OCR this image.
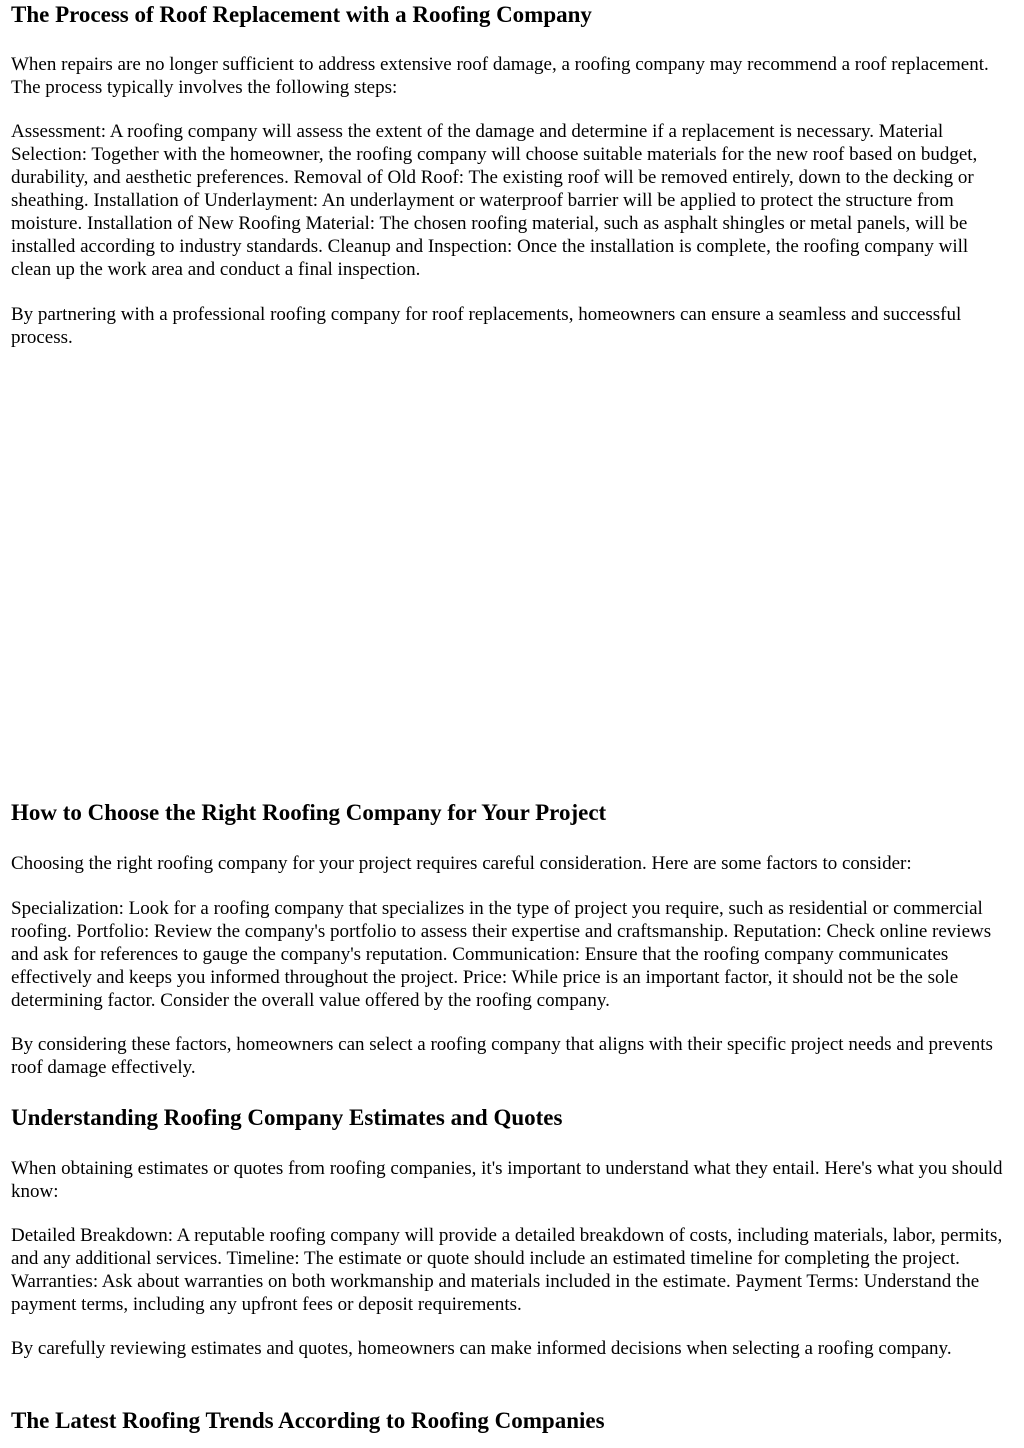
The Process of Roof Replacement with a Roofing Company

When repairs are no longer sufficient to address extensive roof damage, a roofing company may recommend a roof replacement. The process typically involves the following steps:

Assessment: A roofing company will assess the extent of the damage and determine if a replacement is necessary. Material Selection: Together with the homeowner, the roofing company will choose suitable materials for the new roof based on budget, durability, and aesthetic preferences. Removal of Old Roof: The existing roof will be removed entirely, down to the decking or sheathing. Installation of Underlayment: An underlayment or waterproof barrier will be applied to protect the structure from moisture. Installation of New Roofing Material: The chosen roofing material, such as asphalt shingles or metal panels, will be installed according to industry standards. Cleanup and Inspection: Once the installation is complete, the roofing company will clean up the work area and conduct a final inspection.

By partnering with a professional roofing company for roof replacements, homeowners can ensure a seamless and successful process.

How to Choose the Right Roofing Company for Your Project

Choosing the right roofing company for your project requires careful consideration. Here are some factors to consider:

Specialization: Look for a roofing company that specializes in the type of project you require, such as residential or commercial roofing. Portfolio: Review the company's portfolio to assess their expertise and craftsmanship. Reputation: Check online reviews and ask for references to gauge the company's reputation. Communication: Ensure that the roofing company communicates effectively and keeps you informed throughout the project. Price: While price is an important factor, it should not be the sole determining factor. Consider the overall value offered by the roofing company.

By considering these factors, homeowners can select a roofing company that aligns with their specific project needs and prevents roof damage effectively.

Understanding Roofing Company Estimates and Quotes

When obtaining estimates or quotes from roofing companies, it's important to understand what they entail. Here's what you should know:

Detailed Breakdown: A reputable roofing company will provide a detailed breakdown of costs, including materials, labor, permits, and any additional services. Timeline: The estimate or quote should include an estimated timeline for completing the project. Warranties: Ask about warranties on both workmanship and materials included in the estimate. Payment Terms: Understand the payment terms, including any upfront fees or deposit requirements.

By carefully reviewing estimates and quotes, homeowners can make informed decisions when selecting a roofing company.

The Latest Roofing Trends According to Roofing Companies
